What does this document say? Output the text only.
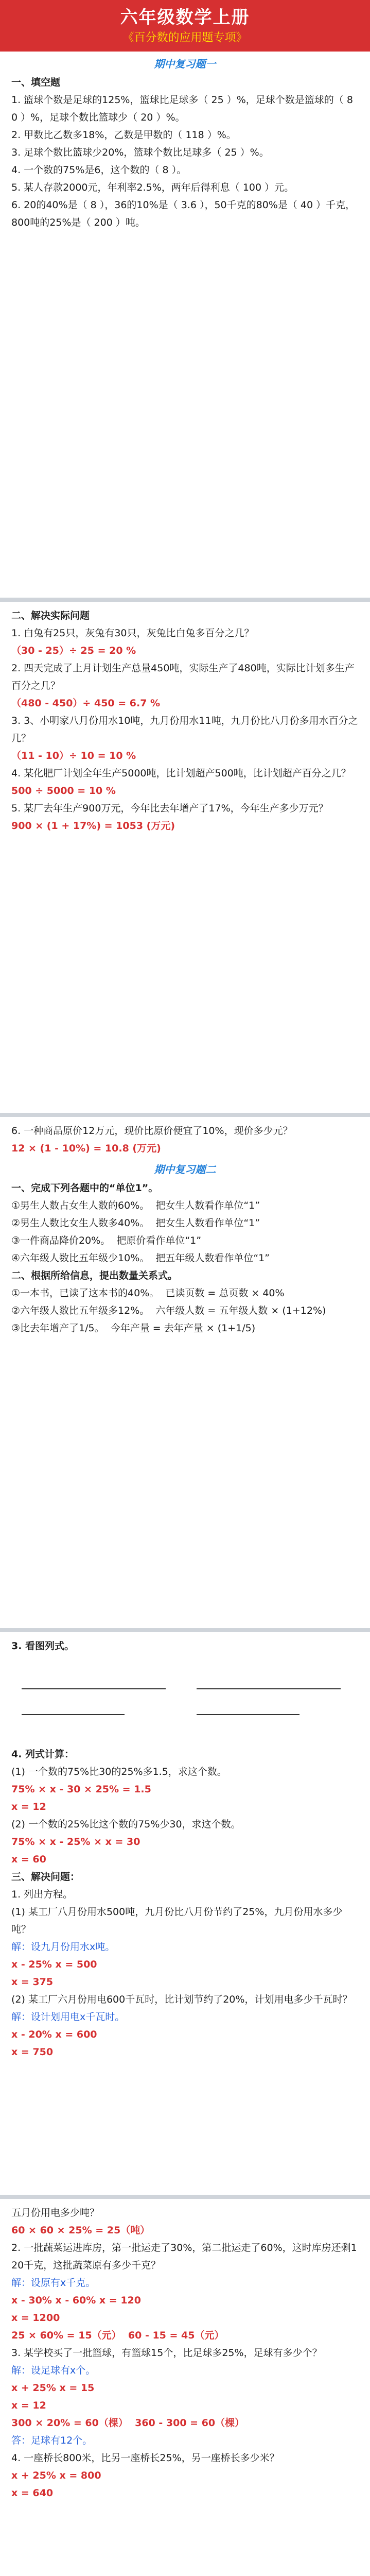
六年级数学上册
《百分数的应用题专项》
期中复习题一
一、填空题
1. 篮球个数是足球的125%，篮球比足球多（ 25 ）%，足球个数是篮球的（ 80 ）%，足球个数比篮球少（ 20 ）%。
2. 甲数比乙数多18%，乙数是甲数的（ 118 ）%。
3. 足球个数比篮球少20%，篮球个数比足球多（ 25 ）%。
4. 一个数的75%是6，这个数的（ 8 ）。
5. 某人存款2000元，年利率2.5%，两年后得利息（ 100 ）元。
6. 20的40%是（ 8 ），36的10%是（ 3.6 ），50千克的80%是（ 40 ）千克，800吨的25%是（ 200 ）吨。
二、解决实际问题
1. 白兔有25只，灰兔有30只，灰兔比白兔多百分之几？
（30 - 25）÷ 25 = 20 %
2. 四天完成了上月计划生产总量450吨，实际生产了480吨，实际比计划多生产百分之几？
（480 - 450）÷ 450 = 6.7 %
3. 3、小明家八月份用水10吨，九月份用水11吨，九月份比八月份多用水百分之几？
（11 - 10）÷ 10 = 10 %
4. 某化肥厂计划全年生产5000吨，比计划超产500吨，比计划超产百分之几？
500 ÷ 5000 = 10 %
5. 某厂去年生产900万元，今年比去年增产了17%，今年生产多少万元？
900 × (1 + 17%) = 1053 (万元)
6. 一种商品原价12万元，现价比原价便宜了10%，现价多少元？
12 × (1 - 10%) = 10.8 (万元)
期中复习题二
一、完成下列各题中的“单位1”。
①男生人数占女生人数的60%。  把女生人数看作单位“1”
②男生人数比女生人数多40%。  把女生人数看作单位“1”
③一件商品降价20%。  把原价看作单位“1”
④六年级人数比五年级少10%。  把五年级人数看作单位“1”
二、根据所给信息，提出数量关系式。
①一本书，已读了这本书的40%。  已读页数 = 总页数 × 40%
②六年级人数比五年级多12%。  六年级人数 = 五年级人数 × (1+12%)
③比去年增产了1/5。  今年产量 = 去年产量 × (1+1/5)
3. 看图列式。
4. 列式计算：
(1) 一个数的75%比30的25%多1.5，求这个数。
75% × x - 30 × 25% = 1.5
x = 12
(2) 一个数的25%比这个数的75%少30，求这个数。
75% × x - 25% × x = 30
x = 60
三、解决问题：
1. 列出方程。
(1) 某工厂八月份用水500吨，九月份比八月份节约了25%，九月份用水多少吨？
解：设九月份用水x吨。
x - 25% x = 500
x = 375
(2) 某工厂六月份用电600千瓦时，比计划节约了20%，计划用电多少千瓦时？
解：设计划用电x千瓦时。
x - 20% x = 600
x = 750
五月份用电多少吨？
60 × 60 × 25% = 25（吨）
2. 一批蔬菜运进库房，第一批运走了30%，第二批运走了60%，这时库房还剩120千克，这批蔬菜原有多少千克？
解：设原有x千克。
x - 30% x - 60% x = 120
x = 1200
25 × 60% = 15（元）  60 - 15 = 45（元）
3. 某学校买了一批篮球，有篮球15个，比足球多25%，足球有多少个？
解：设足球有x个。
x + 25% x = 15
x = 12
300 × 20% = 60（棵）  360 - 300 = 60（棵）
答：足球有12个。
4. 一座桥长800米，比另一座桥长25%，另一座桥长多少米？
x + 25% x = 800
x = 640
